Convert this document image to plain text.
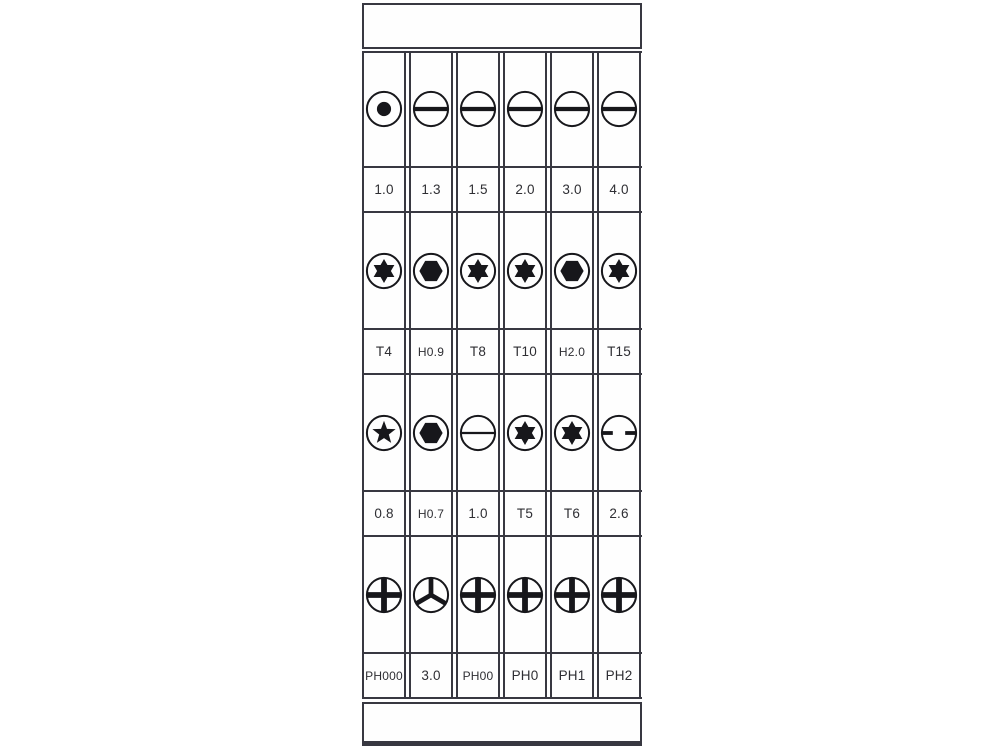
1.0
T4
0.8
PH000
1.3
H0.9
H0.7
3.0
1.5
T8
1.0
PH00
2.0
T10
T5
PH0
3.0
H2.0
T6
PH1
4.0
T15
2.6
PH2
